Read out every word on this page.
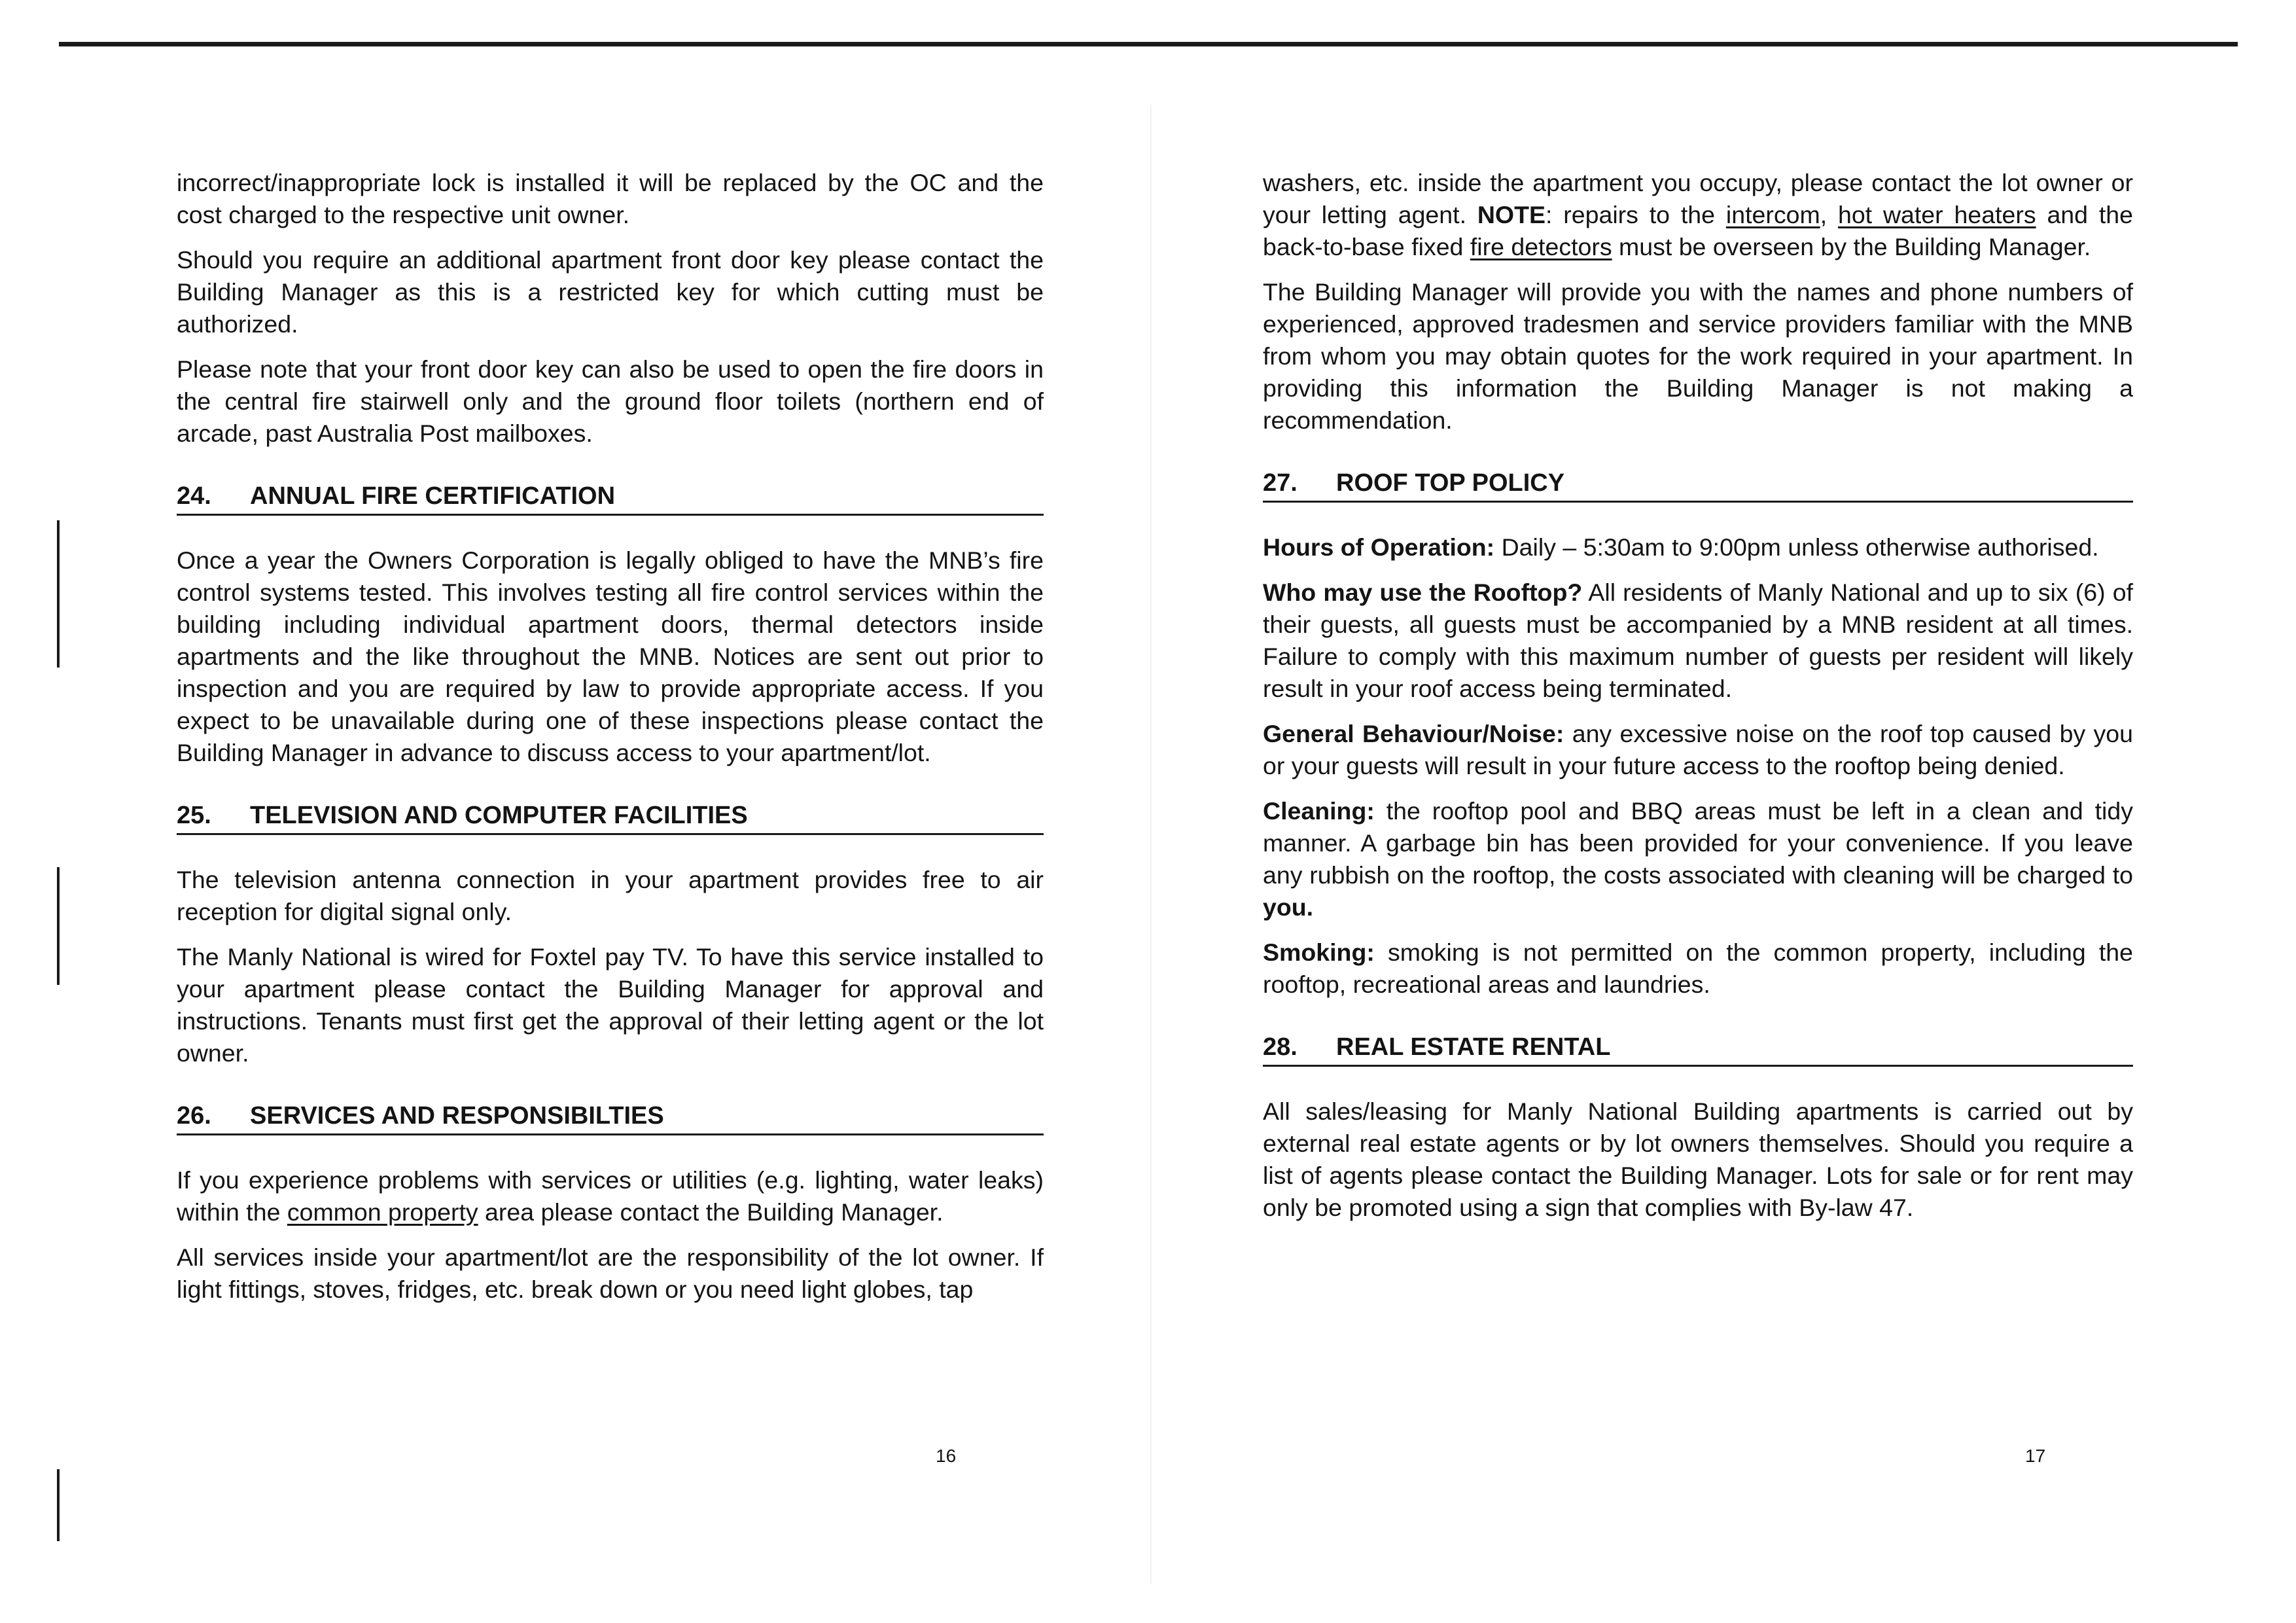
incorrect/inappropriate lock is installed it will be replaced by the OC and the cost charged to the respective unit owner.

Should you require an additional apartment front door key please contact the Building Manager as this is a restricted key for which cutting must be authorized.

Please note that your front door key can also be used to open the fire doors in the central fire stairwell only and the ground floor toilets (northern end of arcade, past Australia Post mailboxes.

24.	ANNUAL FIRE CERTIFICATION

Once a year the Owners Corporation is legally obliged to have the MNB’s fire control systems tested. This involves testing all fire control services within the building including individual apartment doors, thermal detectors inside apartments and the like throughout the MNB. Notices are sent out prior to inspection and you are required by law to provide appropriate access. If you expect to be unavailable during one of these inspections please contact the Building Manager in advance to discuss access to your apartment/lot.

25.	TELEVISION AND COMPUTER FACILITIES

The television antenna connection in your apartment provides free to air reception for digital signal only.

The Manly National is wired for Foxtel pay TV. To have this service installed to your apartment please contact the Building Manager for approval and instructions. Tenants must first get the approval of their letting agent or the lot owner.

26.	SERVICES AND RESPONSIBILTIES

If you experience problems with services or utilities (e.g. lighting, water leaks) within the common property area please contact the Building Manager.

All services inside your apartment/lot are the responsibility of the lot owner. If light fittings, stoves, fridges, etc. break down or you need light globes, tap

16

washers, etc. inside the apartment you occupy, please contact the lot owner or your letting agent. NOTE: repairs to the intercom, hot water heaters and the back-to-base fixed fire detectors must be overseen by the Building Manager.

The Building Manager will provide you with the names and phone numbers of experienced, approved tradesmen and service providers familiar with the MNB from whom you may obtain quotes for the work required in your apartment. In providing this information the Building Manager is not making a recommendation.

27.	ROOF TOP POLICY

Hours of Operation: Daily – 5:30am to 9:00pm unless otherwise authorised.

Who may use the Rooftop? All residents of Manly National and up to six (6) of their guests, all guests must be accompanied by a MNB resident at all times. Failure to comply with this maximum number of guests per resident will likely result in your roof access being terminated.

General Behaviour/Noise: any excessive noise on the roof top caused by you or your guests will result in your future access to the rooftop being denied.

Cleaning: the rooftop pool and BBQ areas must be left in a clean and tidy manner. A garbage bin has been provided for your convenience. If you leave any rubbish on the rooftop, the costs associated with cleaning will be charged to you.

Smoking: smoking is not permitted on the common property, including the rooftop, recreational areas and laundries.

28.	REAL ESTATE RENTAL

All sales/leasing for Manly National Building apartments is carried out by external real estate agents or by lot owners themselves. Should you require a list of agents please contact the Building Manager. Lots for sale or for rent may only be promoted using a sign that complies with By-law 47.

17
